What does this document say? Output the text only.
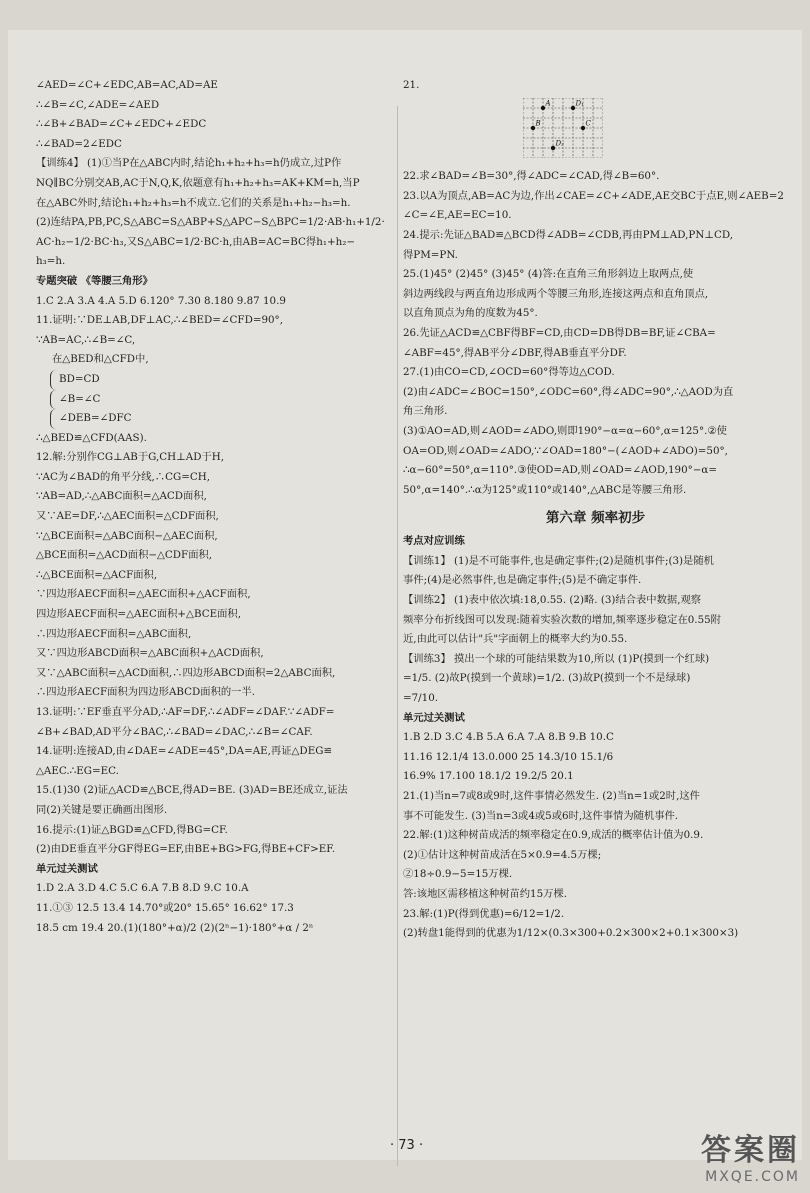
∠AED=∠C+∠EDC,AB=AC,AD=AE
∴∠B=∠C,∠ADE=∠AED
∴∠B+∠BAD=∠C+∠EDC+∠EDC
∴∠BAD=2∠EDC
【训练4】 (1)①当P在△ABC内时,结论h₁+h₂+h₃=h仍成立,过P作
NQ∥BC分别交AB,AC于N,Q,K,依题意有h₁+h₂+h₃=AK+KM=h,当P
在△ABC外时,结论h₁+h₂+h₃=h不成立.它们的关系是h₁+h₂−h₃=h.
(2)连结PA,PB,PC,S△ABC=S△ABP+S△APC−S△BPC=1/2·AB·h₁+1/2·
AC·h₂−1/2·BC·h₃,又S△ABC=1/2·BC·h,由AB=AC=BC得h₁+h₂−
h₃=h.
专题突破 《等腰三角形》
1.C 2.A 3.A 4.A 5.D 6.120° 7.30 8.180 9.87 10.9
11.证明:∵DE⊥AB,DF⊥AC,∴∠BED=∠CFD=90°,
∵AB=AC,∴∠B=∠C,
在△BED和△CFD中,
BD=CD
∠B=∠C
∠DEB=∠DFC
∴△BED≌△CFD(AAS).
12.解:分别作CG⊥AB于G,CH⊥AD于H,
∵AC为∠BAD的角平分线,∴CG=CH,
∵AB=AD,∴△ABC面积=△ACD面积,
又∵AE=DF,∴△AEC面积=△CDF面积,
∵△BCE面积=△ABC面积−△AEC面积,
△BCE面积=△ACD面积−△CDF面积,
∴△BCE面积=△ACF面积,
∵四边形AECF面积=△AEC面积+△ACF面积,
四边形AECF面积=△AEC面积+△BCE面积,
∴四边形AECF面积=△ABC面积,
又∵四边形ABCD面积=△ABC面积+△ACD面积,
又∵△ABC面积=△ACD面积,∴四边形ABCD面积=2△ABC面积,
∴四边形AECF面积为四边形ABCD面积的一半.
13.证明:∵EF垂直平分AD,∴AF=DF,∴∠ADF=∠DAF.∵∠ADF=
∠B+∠BAD,AD平分∠BAC,∴∠BAD=∠DAC,∴∠B=∠CAF.
14.证明:连接AD,由∠DAE=∠ADE=45°,DA=AE,再证△DEG≌
△AEC.∴EG=EC.
15.(1)30 (2)证△ACD≌△BCE,得AD=BE. (3)AD=BE还成立,证法
同(2)关键是要正确画出图形.
16.提示:(1)证△BGD≌△CFD,得BG=CF.
(2)由DE垂直平分GF得EG=EF,由BE+BG>FG,得BE+CF>EF.
单元过关测试
1.D 2.A 3.D 4.C 5.C 6.A 7.B 8.D 9.C 10.A
11.①③ 12.5 13.4 14.70°或20° 15.65° 16.62° 17.3
18.5 cm 19.4 20.(1)(180°+α)/2 (2)(2ⁿ−1)·180°+α / 2ⁿ
21.
A	D₁
B	C
D₂
22.求∠BAD=∠B=30°,得∠ADC=∠CAD,得∠B=60°.
23.以A为顶点,AB=AC为边,作出∠CAE=∠C+∠ADE,AE交BC于点E,则∠AEB=2
∠C=∠E,AE=EC=10.
24.提示:先证△BAD≌△BCD得∠ADB=∠CDB,再由PM⊥AD,PN⊥CD,
得PM=PN.
25.(1)45° (2)45° (3)45° (4)答:在直角三角形斜边上取两点,使
斜边两线段与两直角边形成两个等腰三角形,连接这两点和直角顶点,
以直角顶点为角的度数为45°.
26.先证△ACD≌△CBF得BF=CD,由CD=DB得DB=BF,证∠CBA=
∠ABF=45°,得AB平分∠DBF,得AB垂直平分DF.
27.(1)由CO=CD,∠OCD=60°得等边△COD.
(2)由∠ADC=∠BOC=150°,∠ODC=60°,得∠ADC=90°,∴△AOD为直
角三角形.
(3)①AO=AD,则∠AOD=∠ADO,则即190°−α=α−60°,α=125°.②使
OA=OD,则∠OAD=∠ADO,∵∠OAD=180°−(∠AOD+∠ADO)=50°,
∴α−60°=50°,α=110°.③使OD=AD,则∠OAD=∠AOD,190°−α=
50°,α=140°.∴α为125°或110°或140°,△ABC是等腰三角形.
第六章 频率初步
考点对应训练
【训练1】 (1)是不可能事件,也是确定事件;(2)是随机事件;(3)是随机
事件;(4)是必然事件,也是确定事件;(5)是不确定事件.
【训练2】 (1)表中依次填:18,0.55. (2)略. (3)结合表中数据,观察
频率分布折线图可以发现:随着实验次数的增加,频率逐步稳定在0.55附
近,由此可以估计"兵"字面朝上的概率大约为0.55.
【训练3】 摸出一个球的可能结果数为10,所以 (1)P(摸到一个红球)
=1/5. (2)故P(摸到一个黄球)=1/2. (3)故P(摸到一个不是绿球)
=7/10.
单元过关测试
1.B 2.D 3.C 4.B 5.A 6.A 7.A 8.B 9.B 10.C
11.16 12.1/4 13.0.000 25 14.3/10 15.1/6
16.9% 17.100 18.1/2 19.2/5 20.1
21.(1)当n=7或8或9时,这件事情必然发生. (2)当n=1或2时,这件
事不可能发生. (3)当n=3或4或5或6时,这件事情为随机事件.
22.解:(1)这种树苗成活的频率稳定在0.9,成活的概率估计值为0.9.
(2)①估计这种树苗成活在5×0.9=4.5万棵;
②18÷0.9−5=15万棵.
答:该地区需移植这种树苗约15万棵.
23.解:(1)P(得到优惠)=6/12=1/2.
(2)转盘1能得到的优惠为1/12×(0.3×300+0.2×300×2+0.1×300×3)
· 73 ·	答案圈
MXQE.COM
